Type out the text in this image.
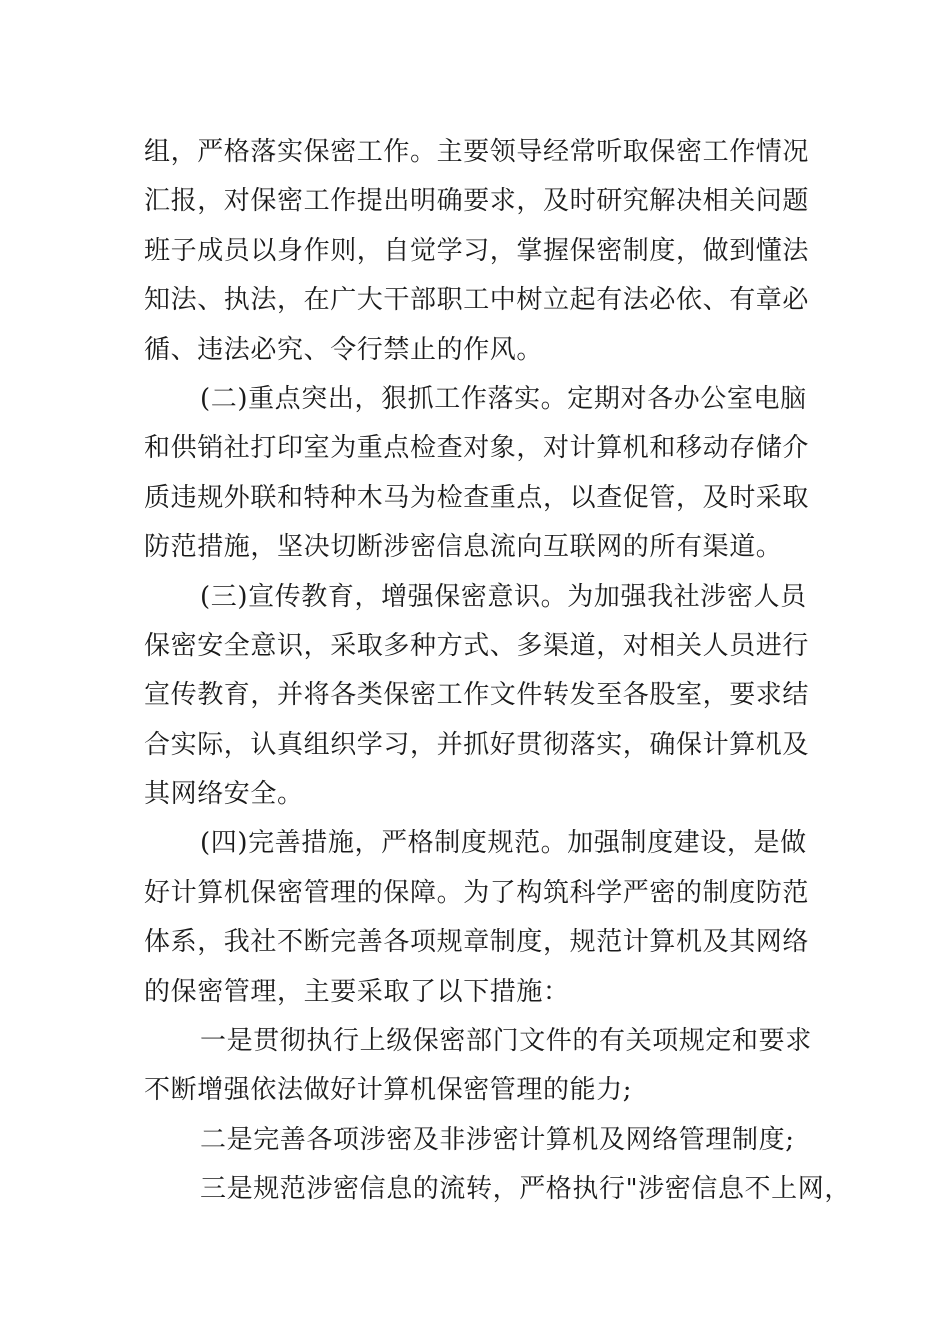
组，严格落实保密工作。主要领导经常听取保密工作情况
汇报，对保密工作提出明确要求，及时研究解决相关问题
班子成员以身作则，自觉学习，掌握保密制度，做到懂法
知法、执法，在广大干部职工中树立起有法必依、有章必
循、违法必究、令行禁止的作风。
(二)重点突出，狠抓工作落实。定期对各办公室电脑
和供销社打印室为重点检查对象，对计算机和移动存储介
质违规外联和特种木马为检查重点，以查促管，及时采取
防范措施，坚决切断涉密信息流向互联网的所有渠道。
(三)宣传教育，增强保密意识。为加强我社涉密人员
保密安全意识，采取多种方式、多渠道，对相关人员进行
宣传教育，并将各类保密工作文件转发至各股室，要求结
合实际，认真组织学习，并抓好贯彻落实，确保计算机及
其网络安全。
(四)完善措施，严格制度规范。加强制度建设，是做
好计算机保密管理的保障。为了构筑科学严密的制度防范
体系，我社不断完善各项规章制度，规范计算机及其网络
的保密管理，主要采取了以下措施：
一是贯彻执行上级保密部门文件的有关项规定和要求
不断增强依法做好计算机保密管理的能力;
二是完善各项涉密及非涉密计算机及网络管理制度;
三是规范涉密信息的流转，严格执行"涉密信息不上网，
